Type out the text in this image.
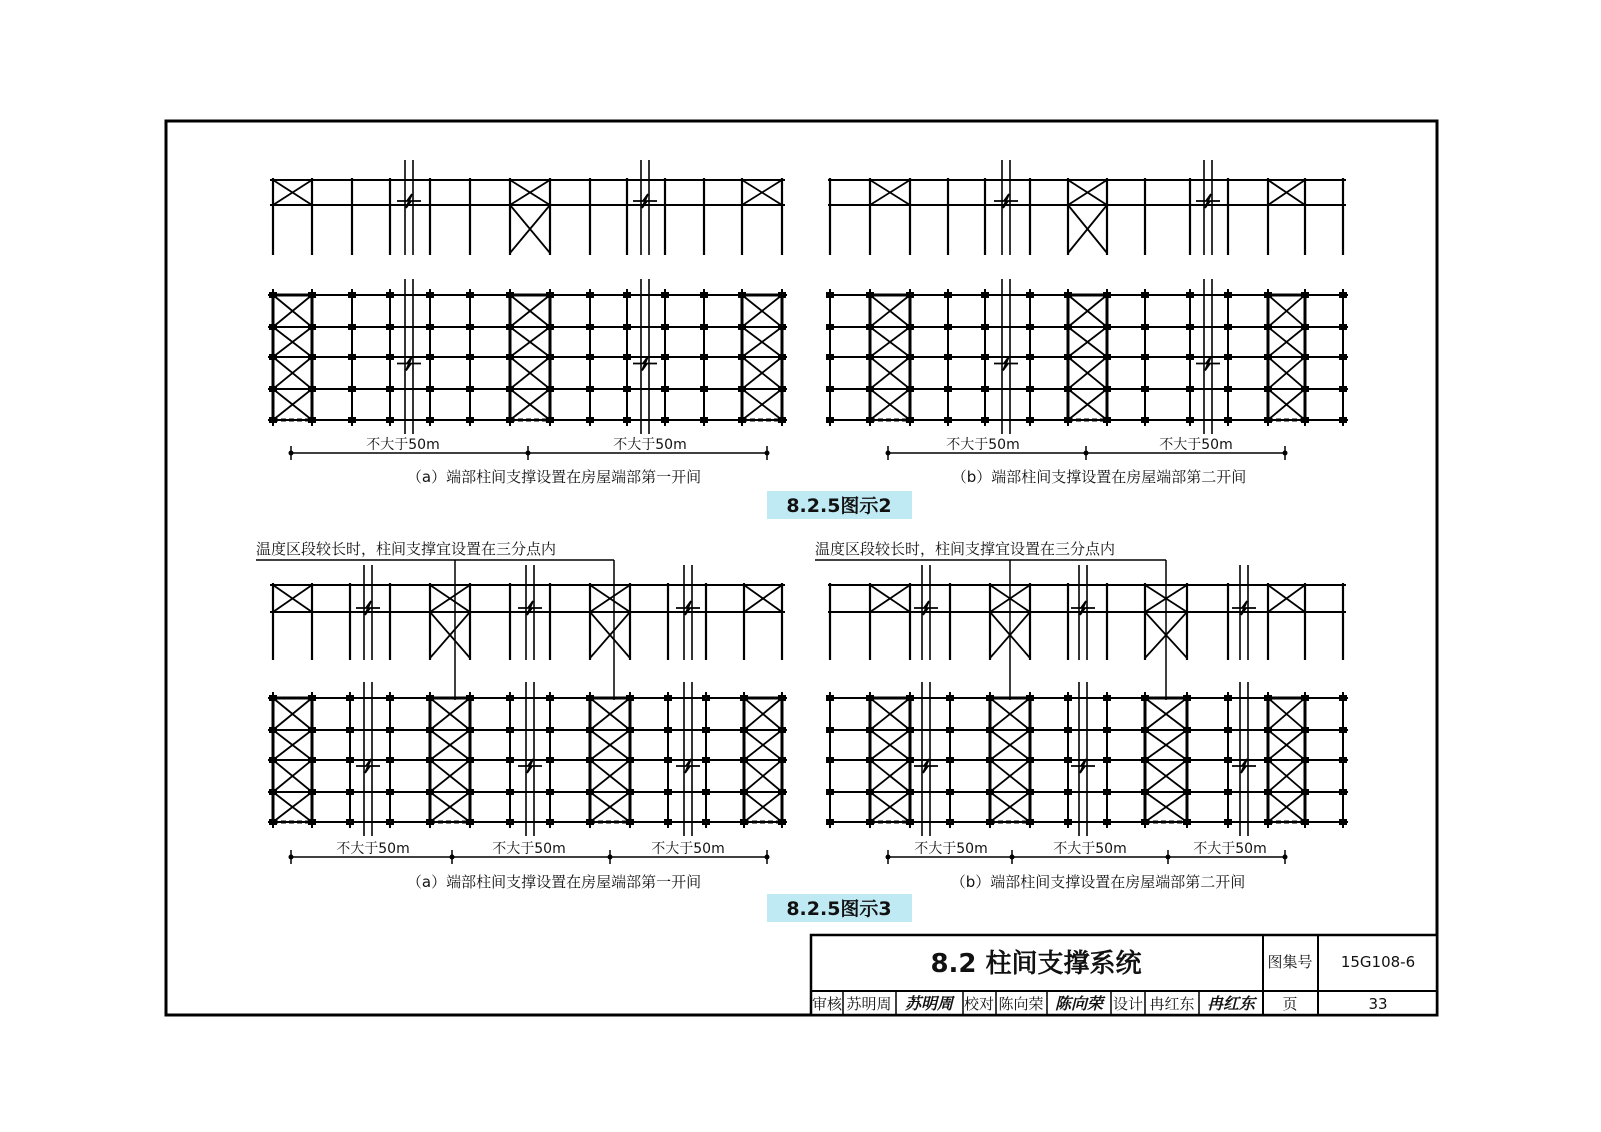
不大于50m	不大于50m	不大于50m	不大于50m
（a）端部柱间支撑设置在房屋端部第一开间	（b）端部柱间支撑设置在房屋端部第二开间
8.2.5图示2
温度区段较长时，柱间支撑宜设置在三分点内	温度区段较长时，柱间支撑宜设置在三分点内
不大于50m	不大于50m	不大于50m	不大于50m	不大于50m	不大于50m
（a）端部柱间支撑设置在房屋端部第一开间	（b）端部柱间支撑设置在房屋端部第二开间
8.2.5图示3
8.2 柱间支撑系统	图集号 15G108-6
审核 苏明周 苏明周 校对 陈向荣 陈向荣 设计 冉红东 冉红东 页	33
